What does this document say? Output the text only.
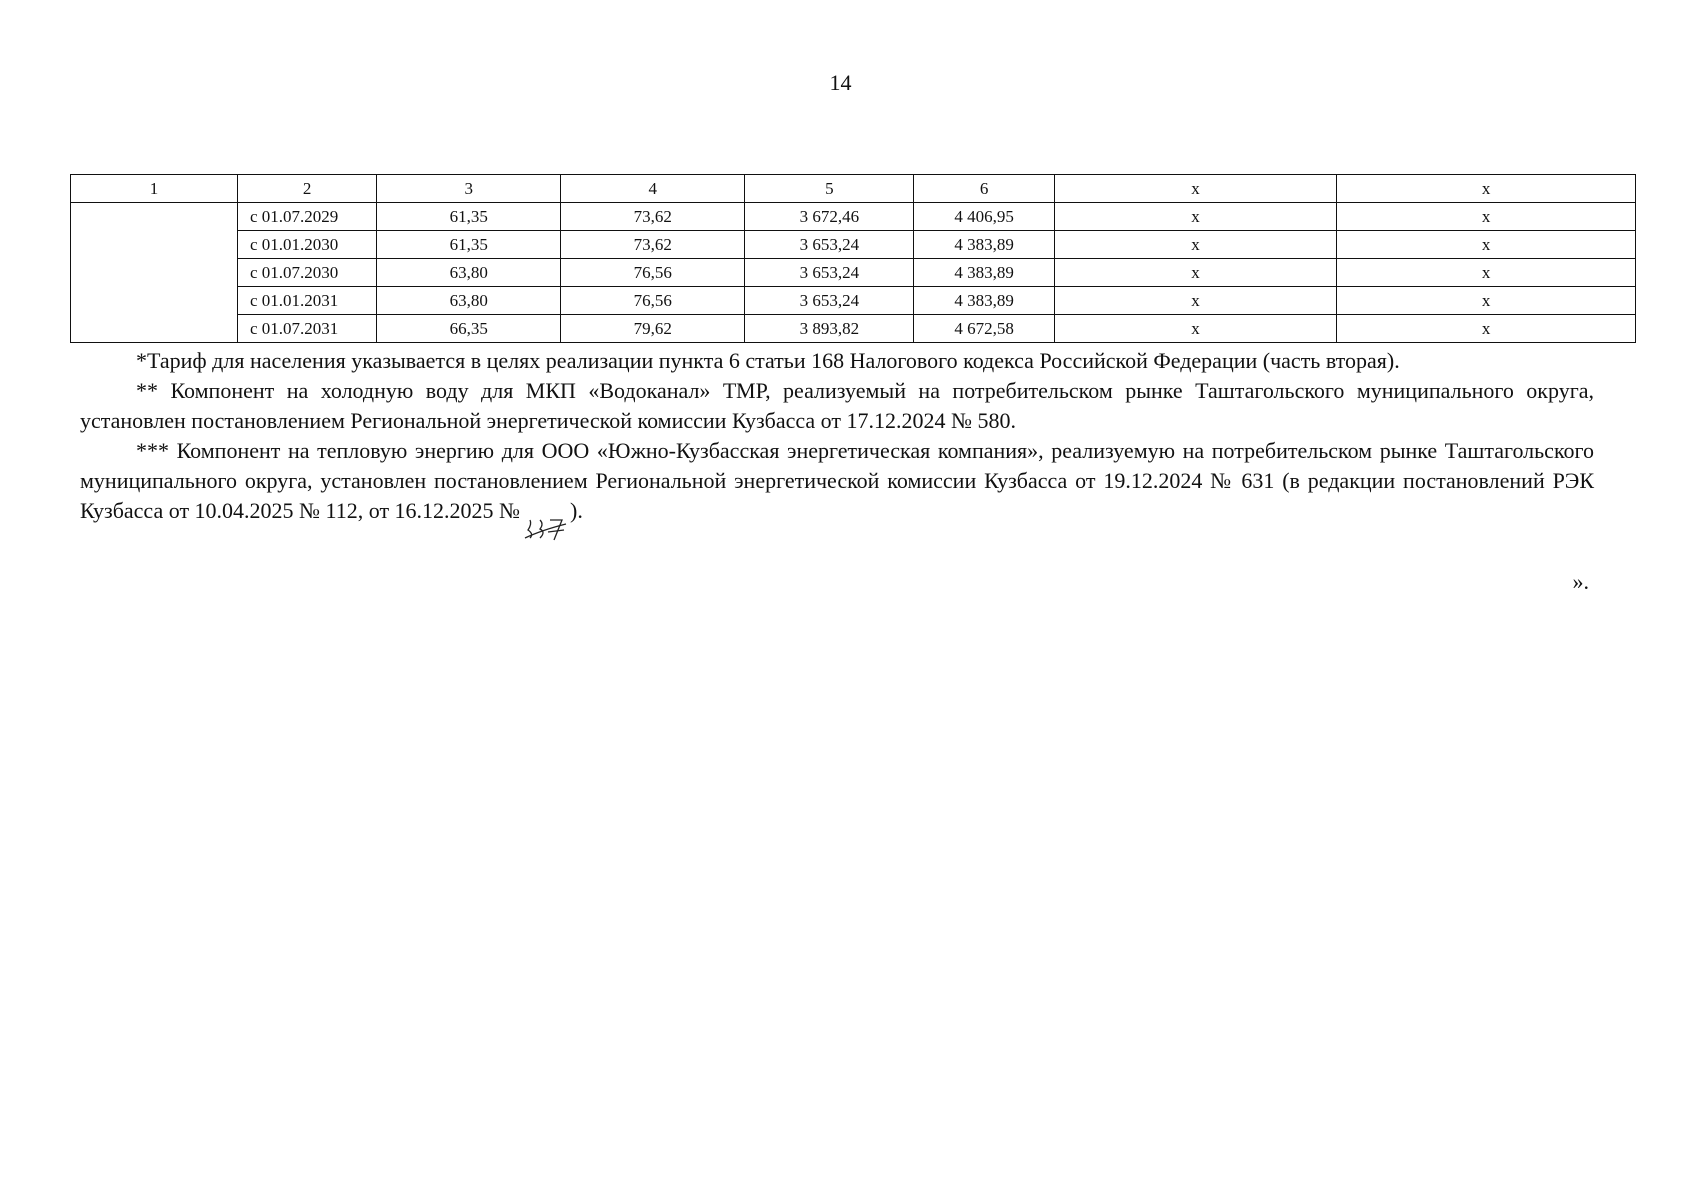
14
1	2	3	4	5	6	х	х
	с 01.07.2029	61,35	73,62	3 672,46	4 406,95	х	х
	с 01.01.2030	61,35	73,62	3 653,24	4 383,89	х	х
	с 01.07.2030	63,80	76,56	3 653,24	4 383,89	х	х
	с 01.01.2031	63,80	76,56	3 653,24	4 383,89	х	х
	с 01.07.2031	66,35	79,62	3 893,82	4 672,58	х	х

*Тариф для населения указывается в целях реализации пункта 6 статьи 168 Налогового кодекса Российской Федерации (часть вторая).

** Компонент на холодную воду для МКП «Водоканал» ТМР, реализуемый на потребительском рынке Таштагольского муниципального округа, установлен постановлением Региональной энергетической комиссии Кузбасса от 17.12.2024 № 580.

*** Компонент на тепловую энергию для ООО «Южно-Кузбасская энергетическая компания», реализуемую на потребительском рынке Таштагольского муниципального округа, установлен постановлением Региональной энергетической комиссии Кузбасса от 19.12.2024 № 631 (в редакции постановлений РЭК Кузбасса от 10.04.2025 № 112, от 16.12.2025 № ).

».
